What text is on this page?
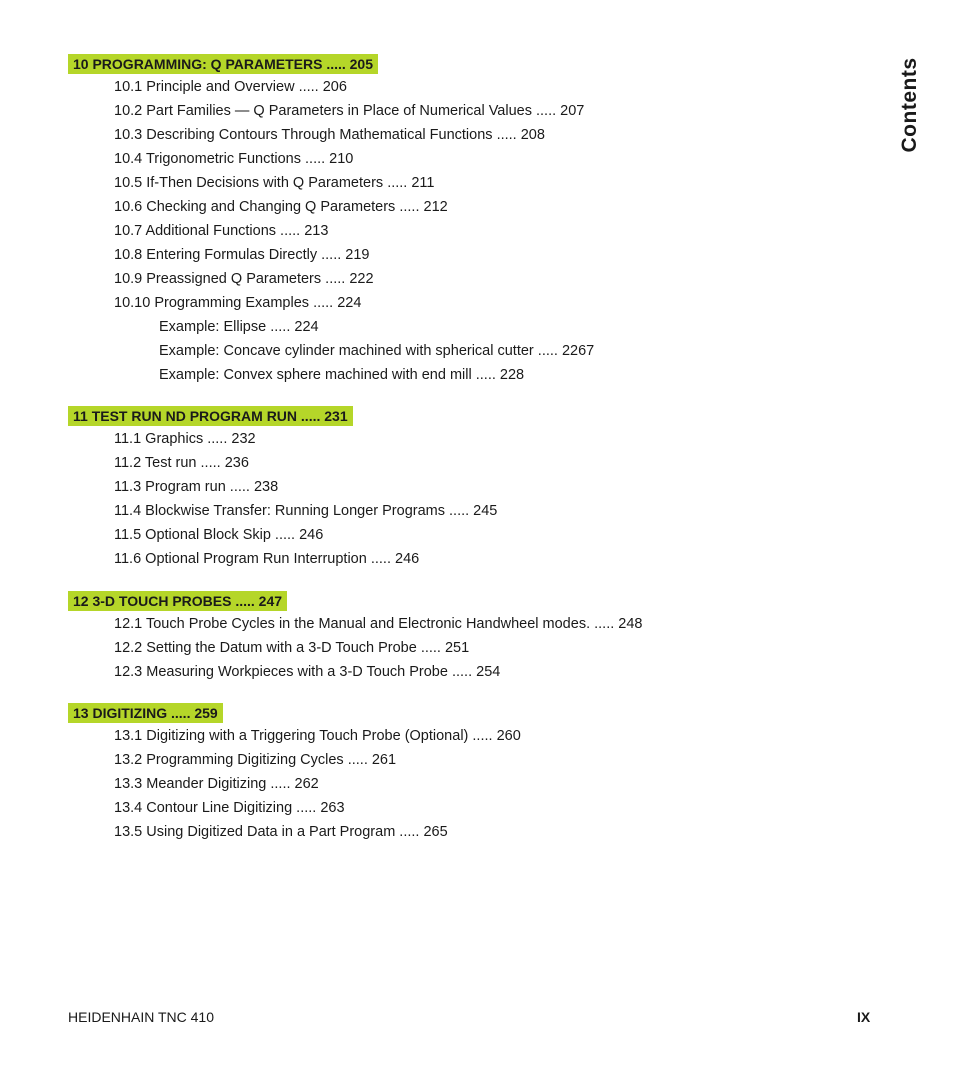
Contents
10 PROGRAMMING: Q PARAMETERS ..... 205
10.1 Principle and Overview ..... 206
10.2 Part Families — Q Parameters in Place of Numerical Values ..... 207
10.3 Describing Contours Through Mathematical Functions ..... 208
10.4 Trigonometric Functions ..... 210
10.5 If-Then Decisions with Q Parameters ..... 211
10.6 Checking and Changing Q Parameters ..... 212
10.7 Additional Functions ..... 213
10.8 Entering Formulas Directly ..... 219
10.9 Preassigned Q Parameters ..... 222
10.10 Programming Examples ..... 224
Example: Ellipse ..... 224
Example: Concave cylinder machined with spherical cutter ..... 2267
Example: Convex sphere machined with end mill ..... 228
11 TEST RUN ND PROGRAM RUN ..... 231
11.1 Graphics ..... 232
11.2 Test run ..... 236
11.3 Program run ..... 238
11.4 Blockwise Transfer: Running Longer Programs ..... 245
11.5 Optional Block Skip ..... 246
11.6 Optional Program Run Interruption ..... 246
12 3-D TOUCH PROBES ..... 247
12.1 Touch Probe Cycles in the Manual and Electronic Handwheel modes. ..... 248
12.2 Setting the Datum with a 3-D Touch Probe ..... 251
12.3 Measuring Workpieces with a 3-D Touch Probe ..... 254
13 DIGITIZING ..... 259
13.1 Digitizing with a Triggering Touch Probe (Optional) ..... 260
13.2 Programming Digitizing Cycles ..... 261
13.3 Meander Digitizing ..... 262
13.4 Contour Line Digitizing ..... 263
13.5 Using Digitized Data in a Part Program ..... 265
HEIDENHAIN TNC 410	IX
